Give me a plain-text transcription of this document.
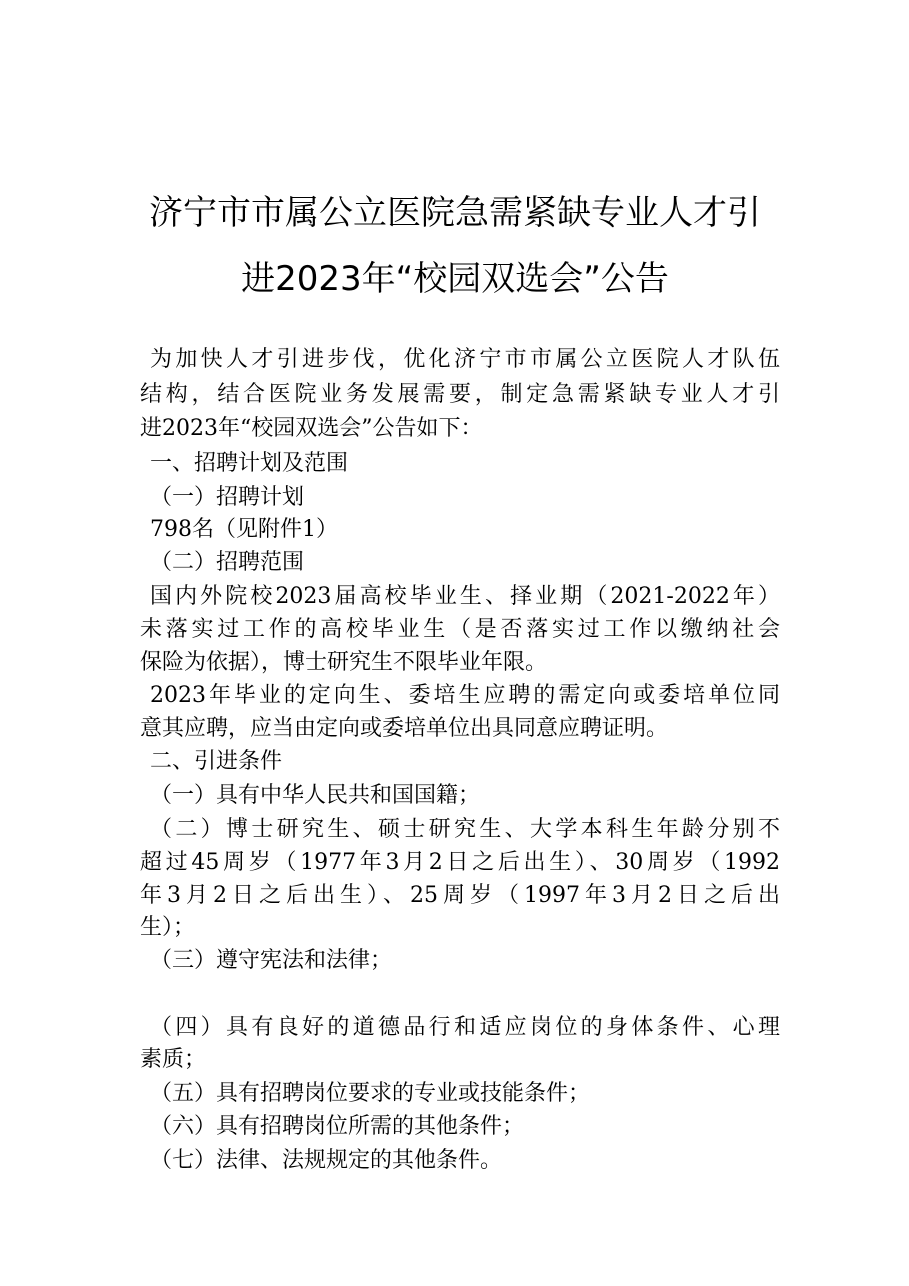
济宁市市属公立医院急需紧缺专业人才引
进2023年“校园双选会”公告
为加快人才引进步伐，优化济宁市市属公立医院人才队伍
结构，结合医院业务发展需要，制定急需紧缺专业人才引
进2023年“校园双选会”公告如下：
一、招聘计划及范围
（一）招聘计划
798名（见附件1）
（二）招聘范围
国内外院校2023届高校毕业生、择业期（2021-2022年）
未落实过工作的高校毕业生（是否落实过工作以缴纳社会
保险为依据），博士研究生不限毕业年限。
2023年毕业的定向生、委培生应聘的需定向或委培单位同
意其应聘，应当由定向或委培单位出具同意应聘证明。
二、引进条件
（一）具有中华人民共和国国籍；
（二）博士研究生、硕士研究生、大学本科生年龄分别不
超过45周岁（1977年3月2日之后出生）、30周岁（1992
年3月2日之后出生）、25周岁（1997年3月2日之后出
生）；
（三）遵守宪法和法律；
（四）具有良好的道德品行和适应岗位的身体条件、心理
素质；
（五）具有招聘岗位要求的专业或技能条件；
（六）具有招聘岗位所需的其他条件；
（七）法律、法规规定的其他条件。
